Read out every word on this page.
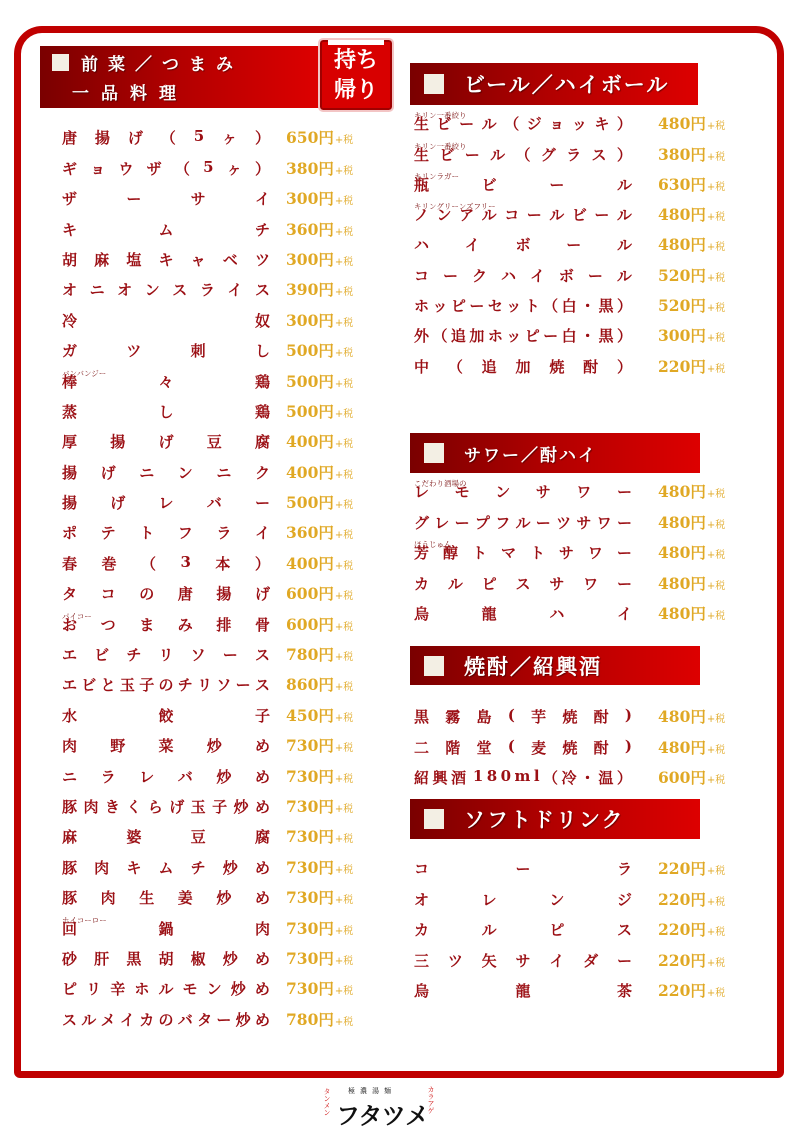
前菜／つまみ
一品料理
持ち
帰り
唐 揚 げ （ 5 ヶ ） 650円+税
ギ ョ ウ ザ （ 5 ヶ ） 380円+税
ザ	ー	サ	イ 300円+税
キ	ム	チ 360円+税
胡 麻 塩 キ ャ ベ ツ 300円+税
オ ニ オ ン ス ラ イ ス 390円+税
冷	奴 300円+税
ガ	ツ	刺	し 500円+税
バンバンジー
棒	々	鶏 500円+税
蒸	し	鶏 500円+税
厚 揚 げ 豆 腐 400円+税
揚 げ ニ ン ニ ク 400円+税
揚 げ レ バ ー 500円+税
ポ テ ト フ ラ イ 360円+税
春 巻 （ 3 本 ） 400円+税
タ コ の 唐 揚 げ 600円+税
パイコー
お つ ま み 排 骨 600円+税
エ ビ チ リ ソ ー ス 780円+税
エ ビ と 玉 子 の チ リ ソ ー ス 860円+税
水	餃	子 450円+税
肉 野 菜 炒 め 730円+税
ニ ラ レ バ 炒 め 730円+税
豚 肉 き く ら げ 玉 子 炒 め 730円+税
麻	婆	豆	腐 730円+税
豚 肉 キ ム チ 炒 め 730円+税
豚 肉 生 姜 炒 め 730円+税
ホイコーロー
回	鍋	肉 730円+税
砂 肝 黒 胡 椒 炒 め 730円+税
ピ リ 辛 ホ ル モ ン 炒 め 730円+税
ス ル メ イ カ の バ タ ー 炒 め 780円+税
ビール／ハイボール
キリン一番絞り
生 ビ ー ル （ ジ ョ ッ キ ） 480円+税
キリン一番絞り
生 ビ ー ル （ グ ラ ス ） 380円+税
キリンラガー
瓶	ビ	ー	ル 630円+税
キリングリーンズフリー
ノ ン ア ル コ ー ル ビ ー ル 480円+税
ハ イ ボ ー ル 480円+税
コ ー ク ハ イ ボ ー ル 520円+税
ホ ッ ピ ー セ ッ ト （ 白 ・ 黒 ） 520円+税
外 （ 追 加 ホ ッ ピ ー 白 ・ 黒 ） 300円+税
中 （ 追 加 焼 酎 ） 220円+税
サワー／酎ハイ
こだわり酒場の
レ モ ン サ ワ ー 480円+税
グ レ ー プ フ ル ー ツ サ ワ ー 480円+税
ほうじゅん
芳 醇 ト マ ト サ ワ ー 480円+税
カ ル ピ ス サ ワ ー 480円+税
烏	龍	ハ	イ 480円+税
焼酎／紹興酒
黒 霧 島 ( 芋 焼 酎 ) 480円+税
二 階 堂 ( 麦 焼 酎 ) 480円+税
紹 興 酒 1 8 0 m l （ 冷 ・ 温 ） 600円+税
ソフトドリンク
コ	ー	ラ 220円+税
オ	レ	ン	ジ 220円+税
カ	ル	ピ	ス 220円+税
三 ツ 矢 サ イ ダ ー 220円+税
烏	龍	茶 220円+税
タンメン 極濃湯麺
フタツメ
カラアゲ
